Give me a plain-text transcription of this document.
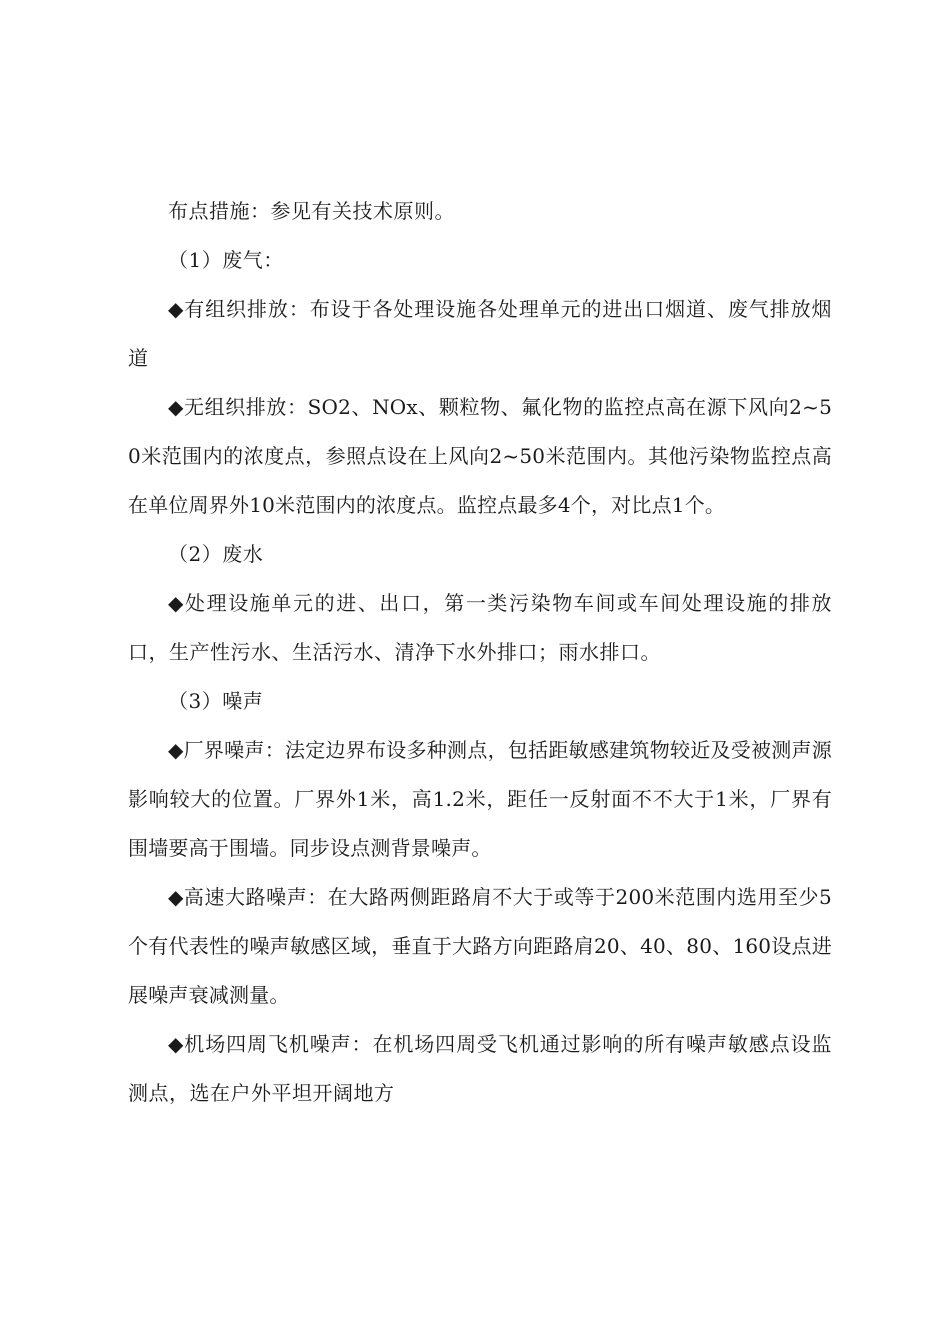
布点措施：参见有关技术原则。

（1）废气：

◆有组织排放：布设于各处理设施各处理单元的进出口烟道、废气排放烟道

◆无组织排放：SO2、NOx、颗粒物、氟化物的监控点高在源下风向2~50米范围内的浓度点，参照点设在上风向2~50米范围内。其他污染物监控点高在单位周界外10米范围内的浓度点。监控点最多4个，对比点1个。

（2）废水

◆处理设施单元的进、出口，第一类污染物车间或车间处理设施的排放口，生产性污水、生活污水、清净下水外排口；雨水排口。

（3）噪声

◆厂界噪声：法定边界布设多种测点，包括距敏感建筑物较近及受被测声源影响较大的位置。厂界外1米，高1.2米，距任一反射面不不大于1米，厂界有围墙要高于围墙。同步设点测背景噪声。

◆高速大路噪声：在大路两侧距路肩不大于或等于200米范围内选用至少5个有代表性的噪声敏感区域，垂直于大路方向距路肩20、40、80、160设点进展噪声衰减测量。

◆机场四周飞机噪声：在机场四周受飞机通过影响的所有噪声敏感点设监测点，选在户外平坦开阔地方
